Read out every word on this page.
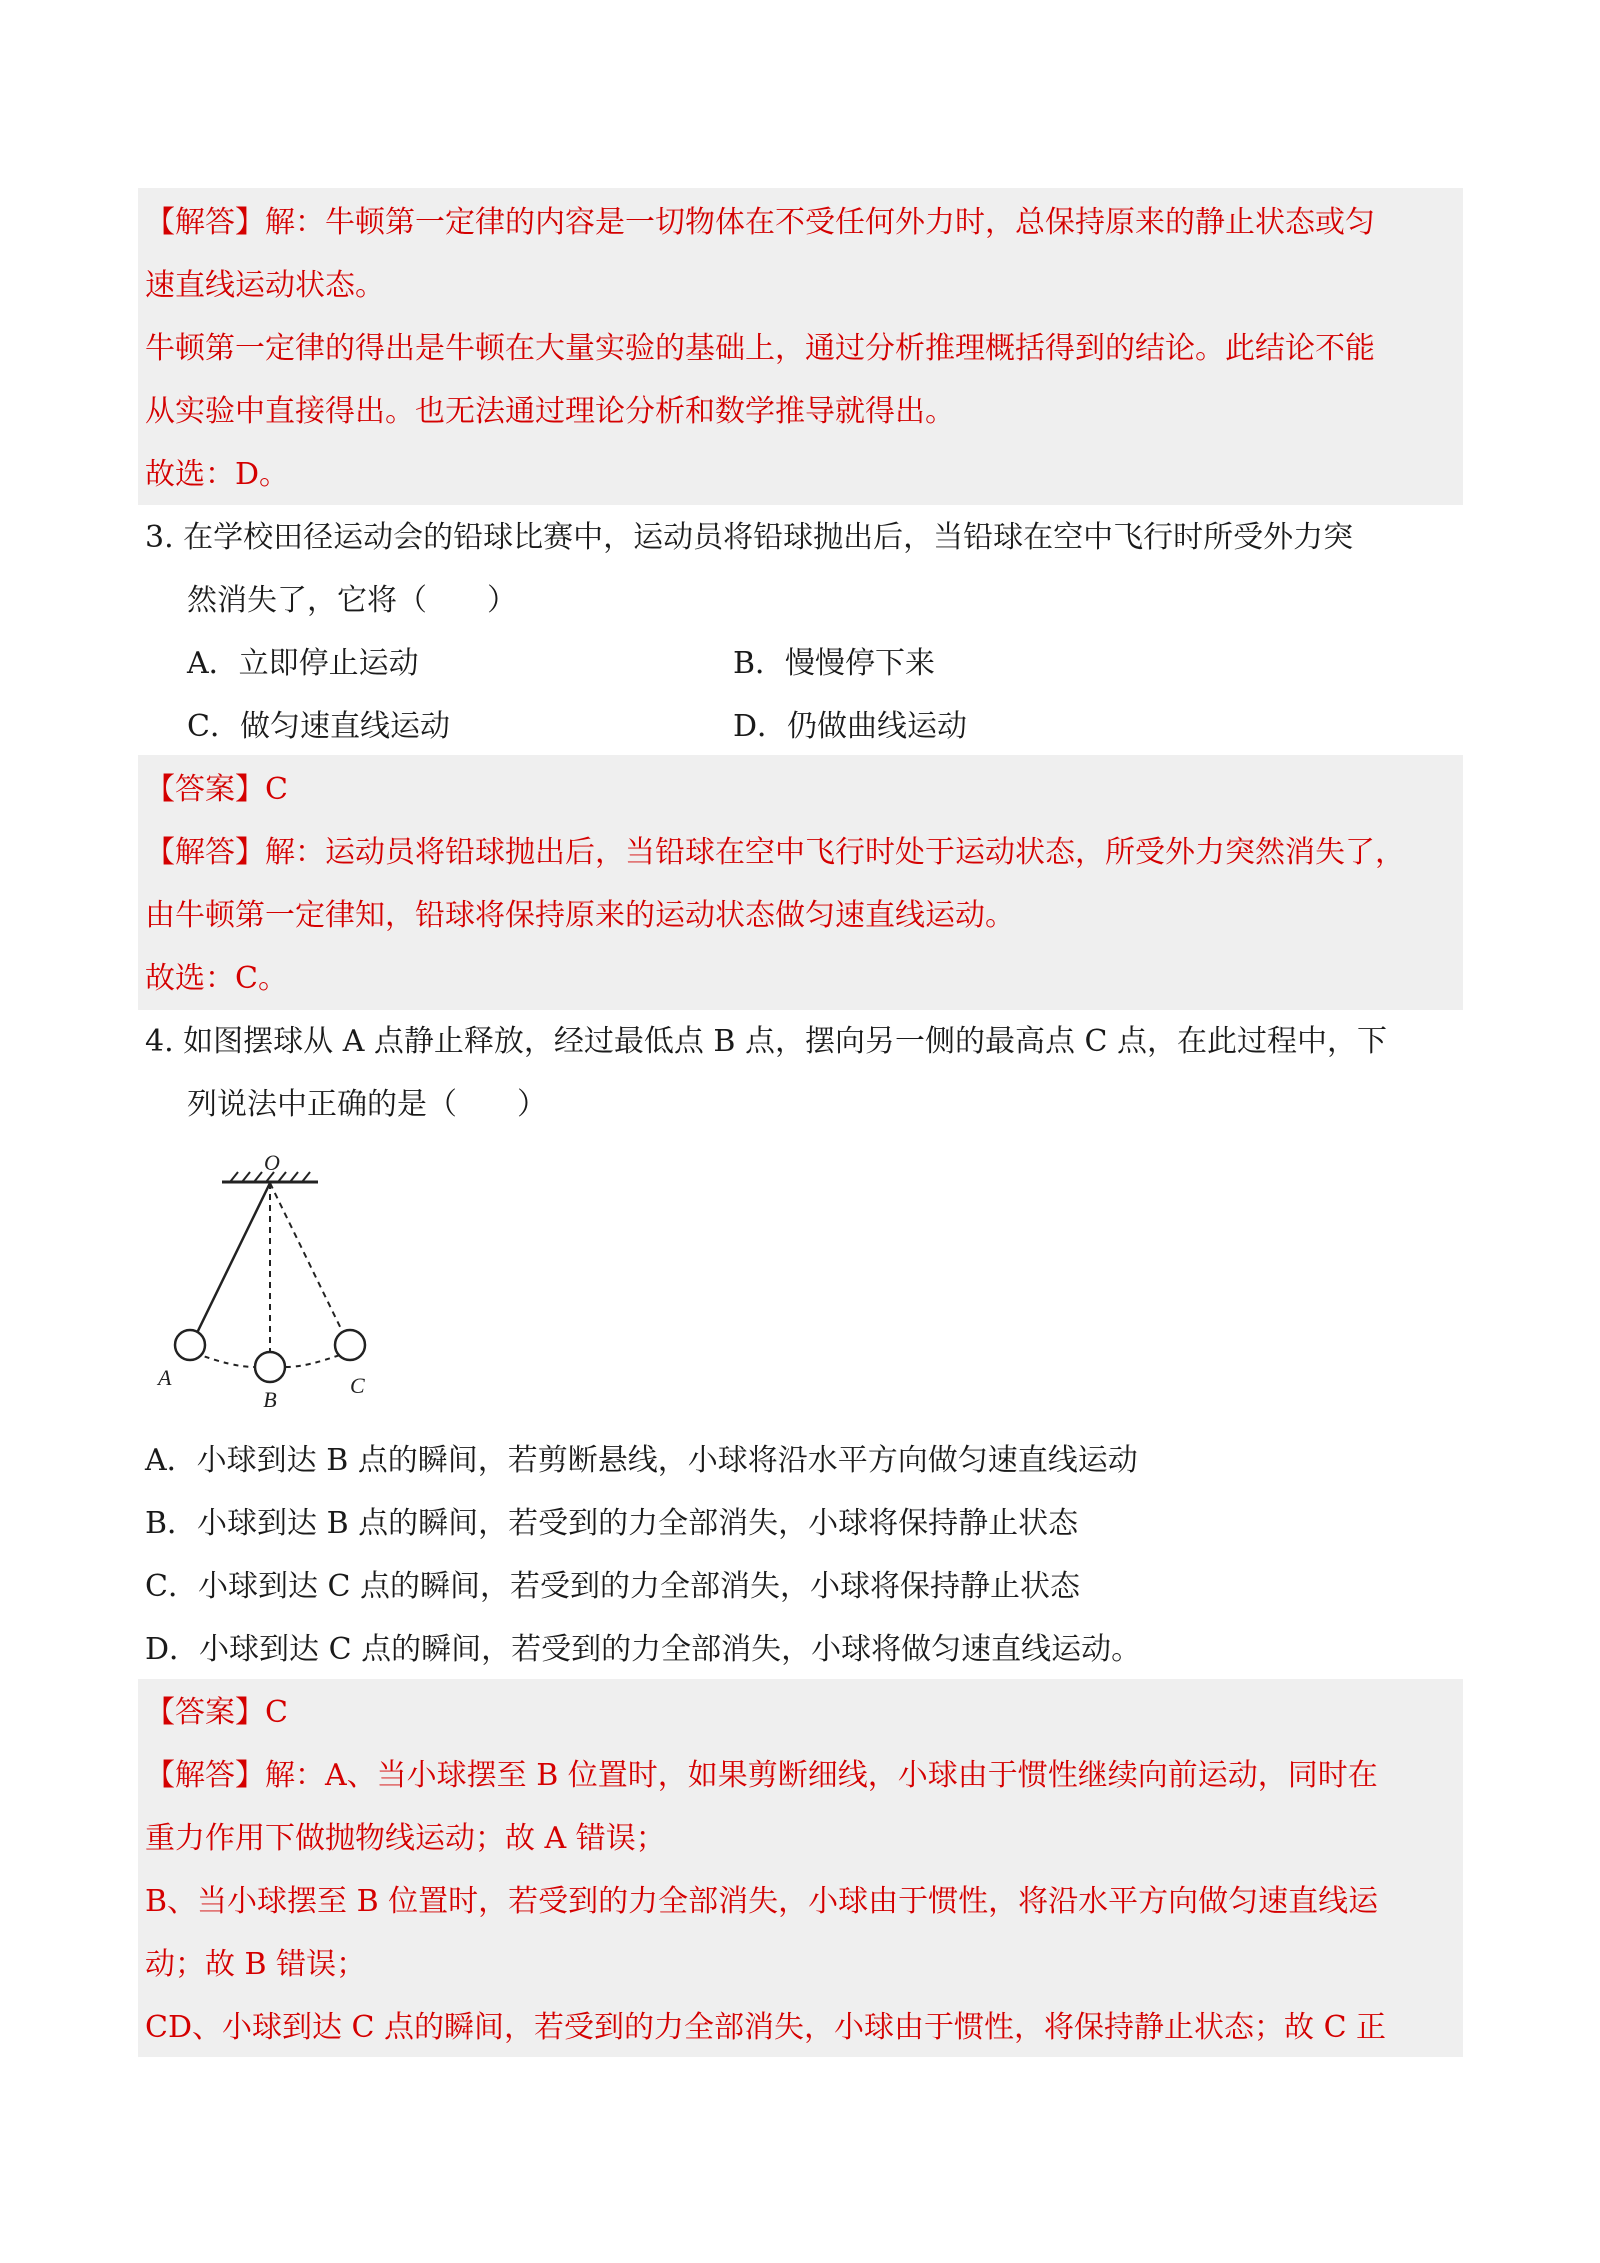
【解答】解：牛顿第一定律的内容是一切物体在不受任何外力时，总保持原来的静止状态或匀
速直线运动状态。
牛顿第一定律的得出是牛顿在大量实验的基础上，通过分析推理概括得到的结论。此结论不能
从实验中直接得出。也无法通过理论分析和数学推导就得出。
故选：D。
3. 在学校田径运动会的铅球比赛中，运动员将铅球抛出后，当铅球在空中飞行时所受外力突
然消失了，它将（　　）
A．立即停止运动	B．慢慢停下来
C．做匀速直线运动	D．仍做曲线运动
【答案】C
【解答】解：运动员将铅球抛出后，当铅球在空中飞行时处于运动状态，所受外力突然消失了，
由牛顿第一定律知，铅球将保持原来的运动状态做匀速直线运动。
故选：C。
4. 如图摆球从 A 点静止释放，经过最低点 B 点，摆向另一侧的最高点 C 点，在此过程中，下
列说法中正确的是（　　）
O
A
B
C
A．小球到达 B 点的瞬间，若剪断悬线，小球将沿水平方向做匀速直线运动
B．小球到达 B 点的瞬间，若受到的力全部消失，小球将保持静止状态
C．小球到达 C 点的瞬间，若受到的力全部消失，小球将保持静止状态
D．小球到达 C 点的瞬间，若受到的力全部消失，小球将做匀速直线运动。
【答案】C
【解答】解：A、当小球摆至 B 位置时，如果剪断细线，小球由于惯性继续向前运动，同时在
重力作用下做抛物线运动；故 A 错误；
B、当小球摆至 B 位置时，若受到的力全部消失，小球由于惯性，将沿水平方向做匀速直线运
动；故 B 错误；
CD、小球到达 C 点的瞬间，若受到的力全部消失，小球由于惯性，将保持静止状态；故 C 正
